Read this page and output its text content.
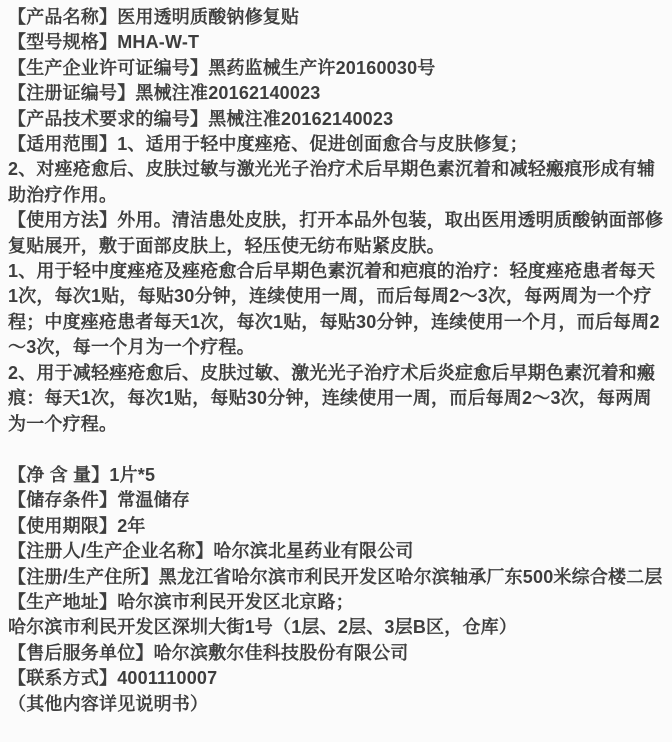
【产品名称】医用透明质酸钠修复贴
【型号规格】MHA-W-T
【生产企业许可证编号】黑药监械生产许20160030号
【注册证编号】黑械注准20162140023
【产品技术要求的编号】黑械注准20162140023
【适用范围】1、适用于轻中度痤疮、促进创面愈合与皮肤修复；
2、对痤疮愈后、皮肤过敏与激光光子治疗术后早期色素沉着和减轻瘢痕形成有辅助治疗作用。
【使用方法】外用。清洁患处皮肤，打开本品外包装，取出医用透明质酸钠面部修复贴展开，敷于面部皮肤上，轻压使无纺布贴紧皮肤。
1、用于轻中度痤疮及痤疮愈合后早期色素沉着和疤痕的治疗：轻度痤疮患者每天1次，每次1贴，每贴30分钟，连续使用一周，而后每周2～3次，每两周为一个疗程；中度痤疮患者每天1次，每次1贴，每贴30分钟，连续使用一个月，而后每周2～3次，每一个月为一个疗程。
2、用于减轻痤疮愈后、皮肤过敏、激光光子治疗术后炎症愈后早期色素沉着和瘢痕：每天1次，每次1贴，每贴30分钟，连续使用一周，而后每周2～3次，每两周为一个疗程。
【净 含 量】1片*5
【储存条件】常温储存
【使用期限】2年
【注册人/生产企业名称】哈尔滨北星药业有限公司
【注册/生产住所】黑龙江省哈尔滨市利民开发区哈尔滨轴承厂东500米综合楼二层
【生产地址】哈尔滨市利民开发区北京路；
哈尔滨市利民开发区深圳大街1号（1层、2层、3层B区，仓库）
【售后服务单位】哈尔滨敷尔佳科技股份有限公司
【联系方式】4001110007
（其他内容详见说明书）
